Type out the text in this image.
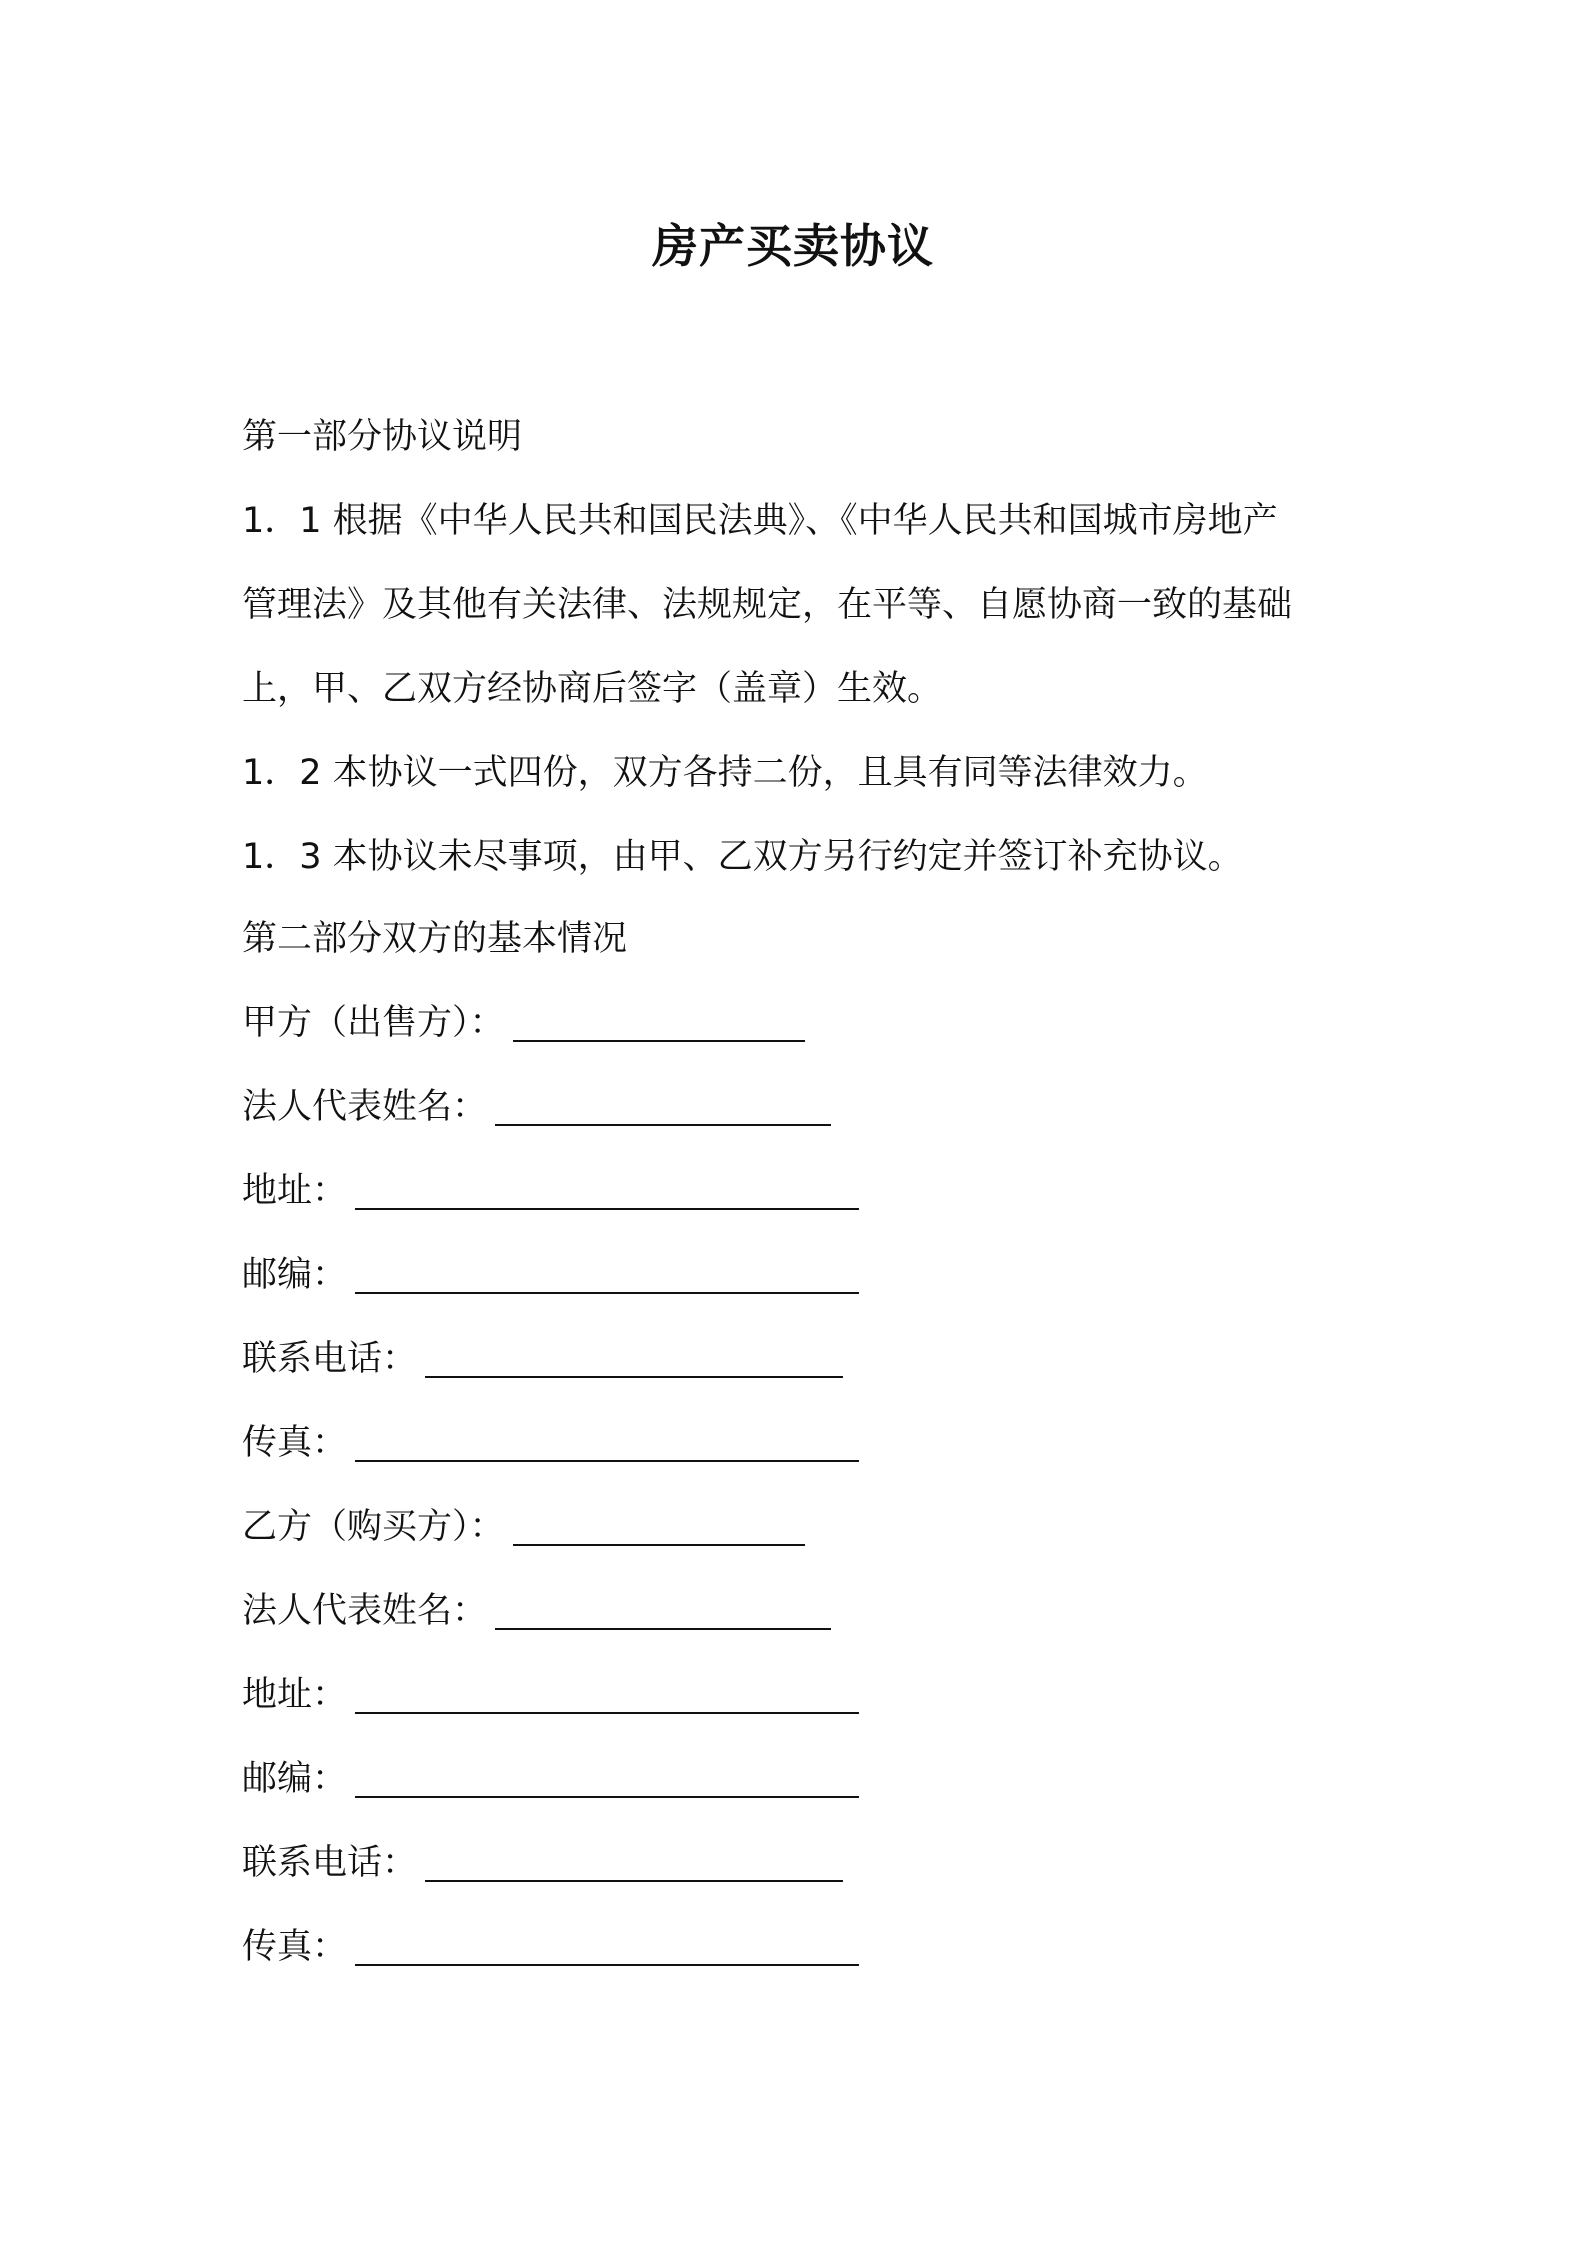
房产买卖协议
第一部分协议说明
1．1 根据《中华人民共和国民法典》、《中华人民共和国城市房地产
管理法》及其他有关法律、法规规定，在平等、自愿协商一致的基础
上，甲、乙双方经协商后签字（盖章）生效。
1．2 本协议一式四份，双方各持二份，且具有同等法律效力。
1．3 本协议未尽事项，由甲、乙双方另行约定并签订补充协议。
第二部分双方的基本情况
甲方（出售方）：
法人代表姓名：
地址：
邮编：
联系电话：
传真：
乙方（购买方）：
法人代表姓名：
地址：
邮编：
联系电话：
传真：
